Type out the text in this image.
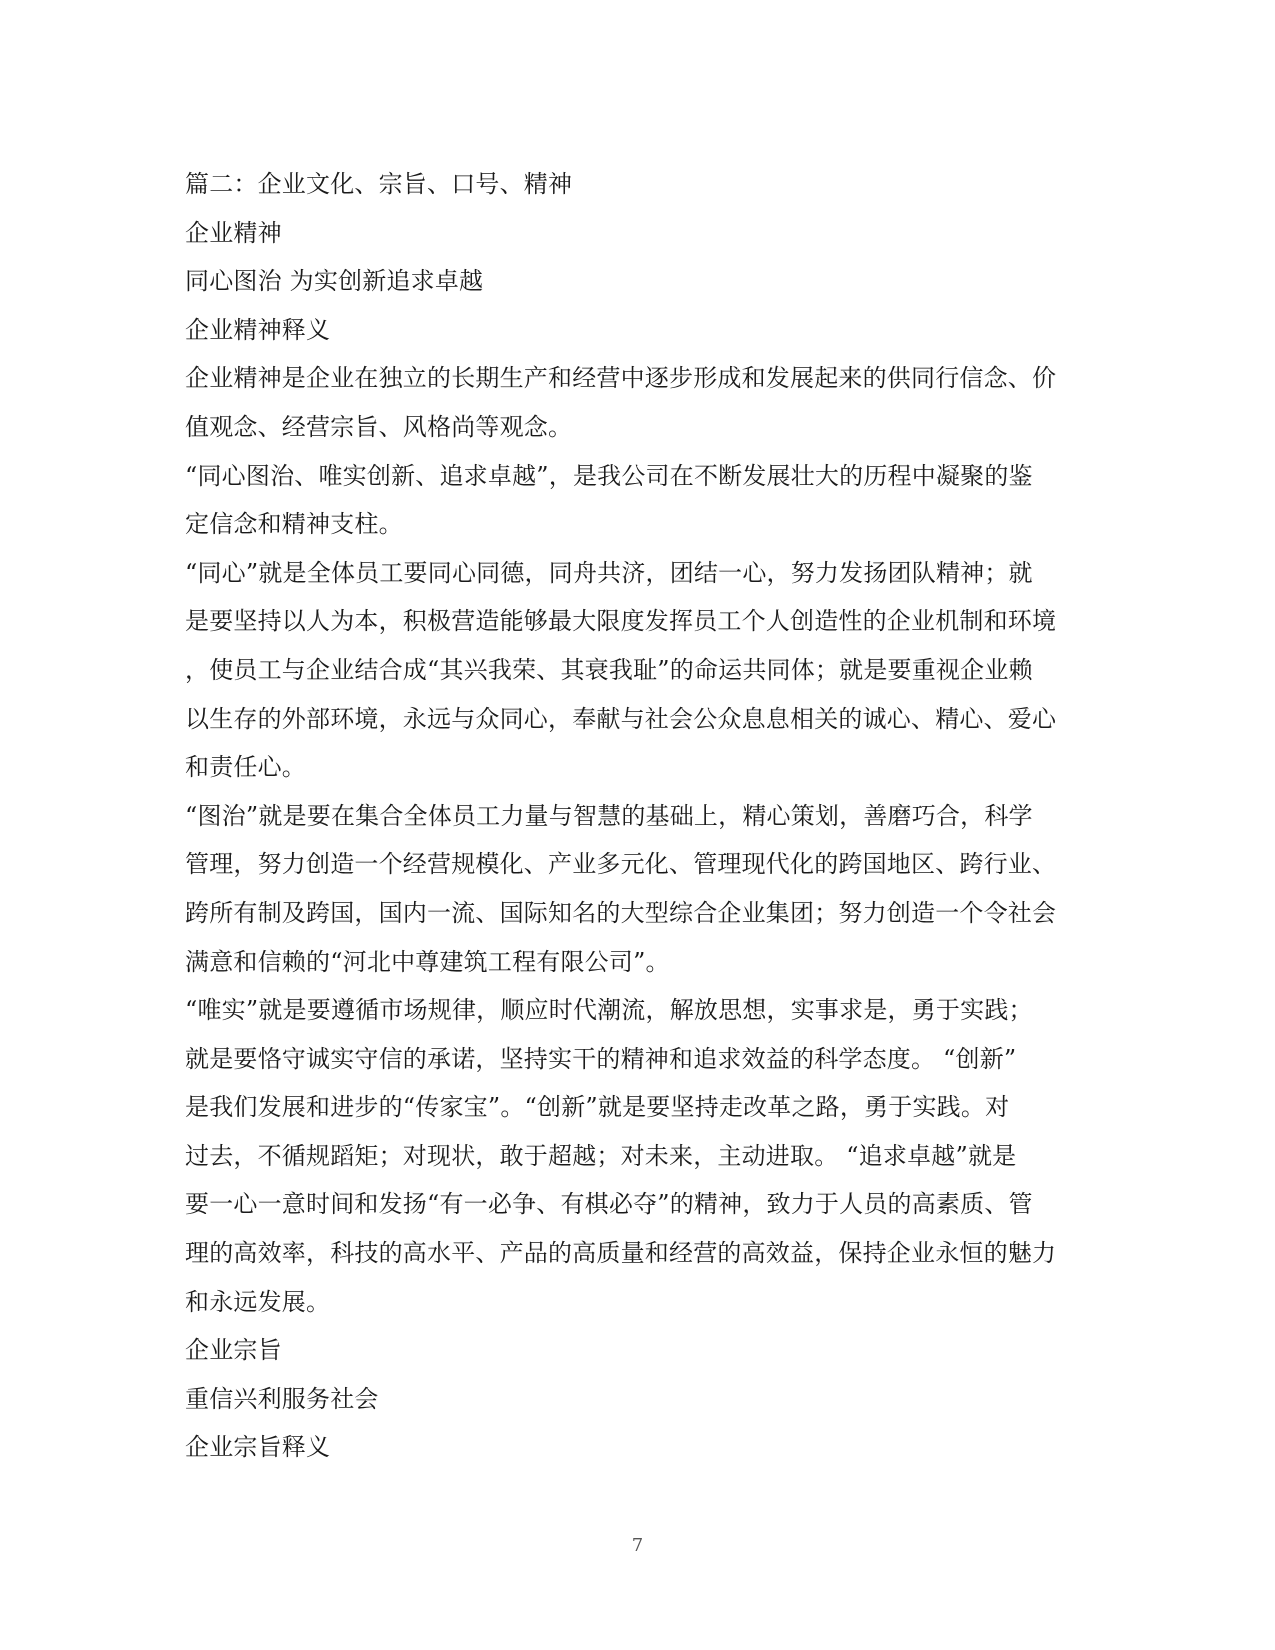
篇二：企业文化、宗旨、口号、精神
企业精神
同心图治 为实创新追求卓越
企业精神释义
企业精神是企业在独立的长期生产和经营中逐步形成和发展起来的供同行信念、价
值观念、经营宗旨、风格尚等观念。
“同心图治、唯实创新、追求卓越”，是我公司在不断发展壮大的历程中凝聚的鉴
定信念和精神支柱。
“同心”就是全体员工要同心同德，同舟共济，团结一心，努力发扬团队精神；就
是要坚持以人为本，积极营造能够最大限度发挥员工个人创造性的企业机制和环境
，使员工与企业结合成“其兴我荣、其衰我耻”的命运共同体；就是要重视企业赖
以生存的外部环境，永远与众同心，奉献与社会公众息息相关的诚心、精心、爱心
和责任心。
“图治”就是要在集合全体员工力量与智慧的基础上，精心策划，善磨巧合，科学
管理，努力创造一个经营规模化、产业多元化、管理现代化的跨国地区、跨行业、
跨所有制及跨国，国内一流、国际知名的大型综合企业集团；努力创造一个令社会
满意和信赖的“河北中尊建筑工程有限公司”。
“唯实”就是要遵循市场规律，顺应时代潮流，解放思想，实事求是，勇于实践；
就是要恪守诚实守信的承诺，坚持实干的精神和追求效益的科学态度。 “创新”
是我们发展和进步的“传家宝”。“创新”就是要坚持走改革之路，勇于实践。对
过去，不循规蹈矩；对现状，敢于超越；对未来，主动进取。 “追求卓越”就是
要一心一意时间和发扬“有一必争、有棋必夺”的精神，致力于人员的高素质、管
理的高效率，科技的高水平、产品的高质量和经营的高效益，保持企业永恒的魅力
和永远发展。
企业宗旨
重信兴利服务社会
企业宗旨释义
7
